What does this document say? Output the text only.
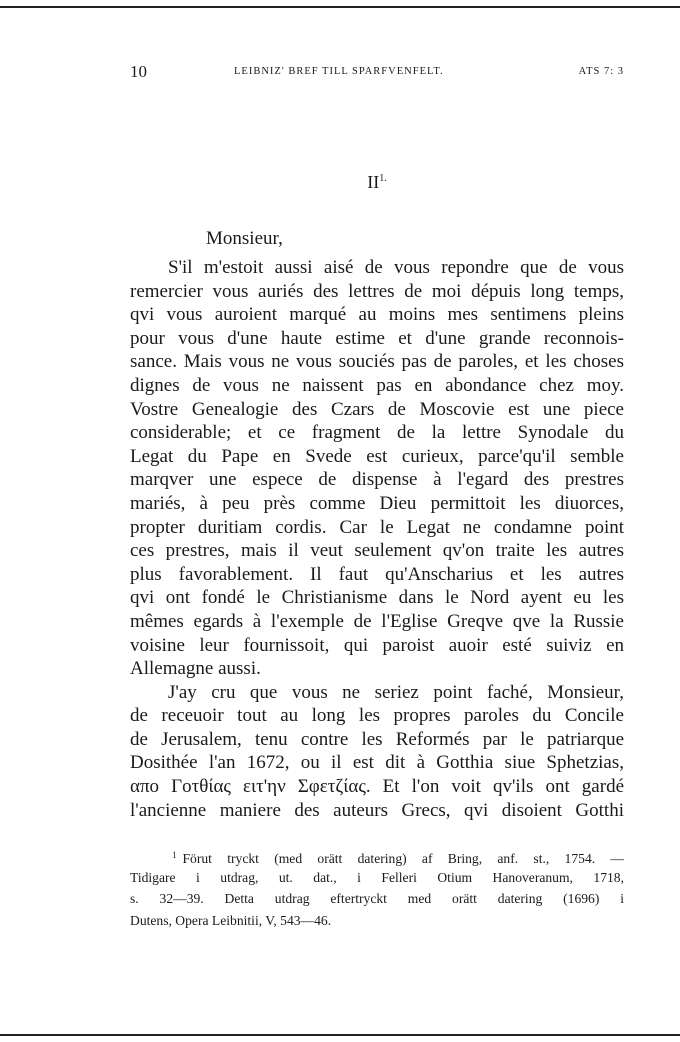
10	LEIBNIZ' BREF TILL SPARFVENFELT.	ATS 7: 3
$II^{1.}$
Monsieur,
S'il m'estoit aussi aisé de vous repondre que de vous
remercier vous auriés des lettres de moi dépuis long temps,
qvi vous auroient marqué au moins mes sentimens pleins
pour vous d'une haute estime et d'une grande reconnois-
sance. Mais vous ne vous souciés pas de paroles, et les choses
dignes de vous ne naissent pas en abondance chez moy.
Vostre Genealogie des Czars de Moscovie est une piece
considerable; et ce fragment de la lettre Synodale du
Legat du Pape en Svede est curieux, parce'qu'il semble
marqver une espece de dispense à l'egard des prestres
mariés, à peu près comme Dieu permittoit les diuorces,
propter duritiam cordis. Car le Legat ne condamne point
ces prestres, mais il veut seulement qv'on traite les autres
plus favorablement. Il faut qu'Anscharius et les autres
qvi ont fondé le Christianisme dans le Nord ayent eu les
mêmes egards à l'exemple de l'Eglise Greqve qve la Russie
voisine leur fournissoit, qui paroist auoir esté suiviz en
Allemagne aussi.
J'ay cru que vous ne seriez point faché, Monsieur,
de receuoir tout au long les propres paroles du Concile
de Jerusalem, tenu contre les Reformés par le patriarque
Dosithée l'an 1672, ou il est dit à Gotthia siue Sphetzias,
απο Γοτθίας ειτ'ην Σφετζίας. Et l'on voit qv'ils ont gardé
l'ancienne maniere des auteurs Grecs, qvi disoient Gotthi
$^1$ Förut tryckt (med orätt datering) af Bring, anf. st., 1754. —
Tidigare i utdrag, ut. dat., i Felleri Otium Hanoveranum, 1718,
s. 32—39. Detta utdrag eftertryckt med orätt datering (1696) i
Dutens, Opera Leibnitii, V, 543—46.
